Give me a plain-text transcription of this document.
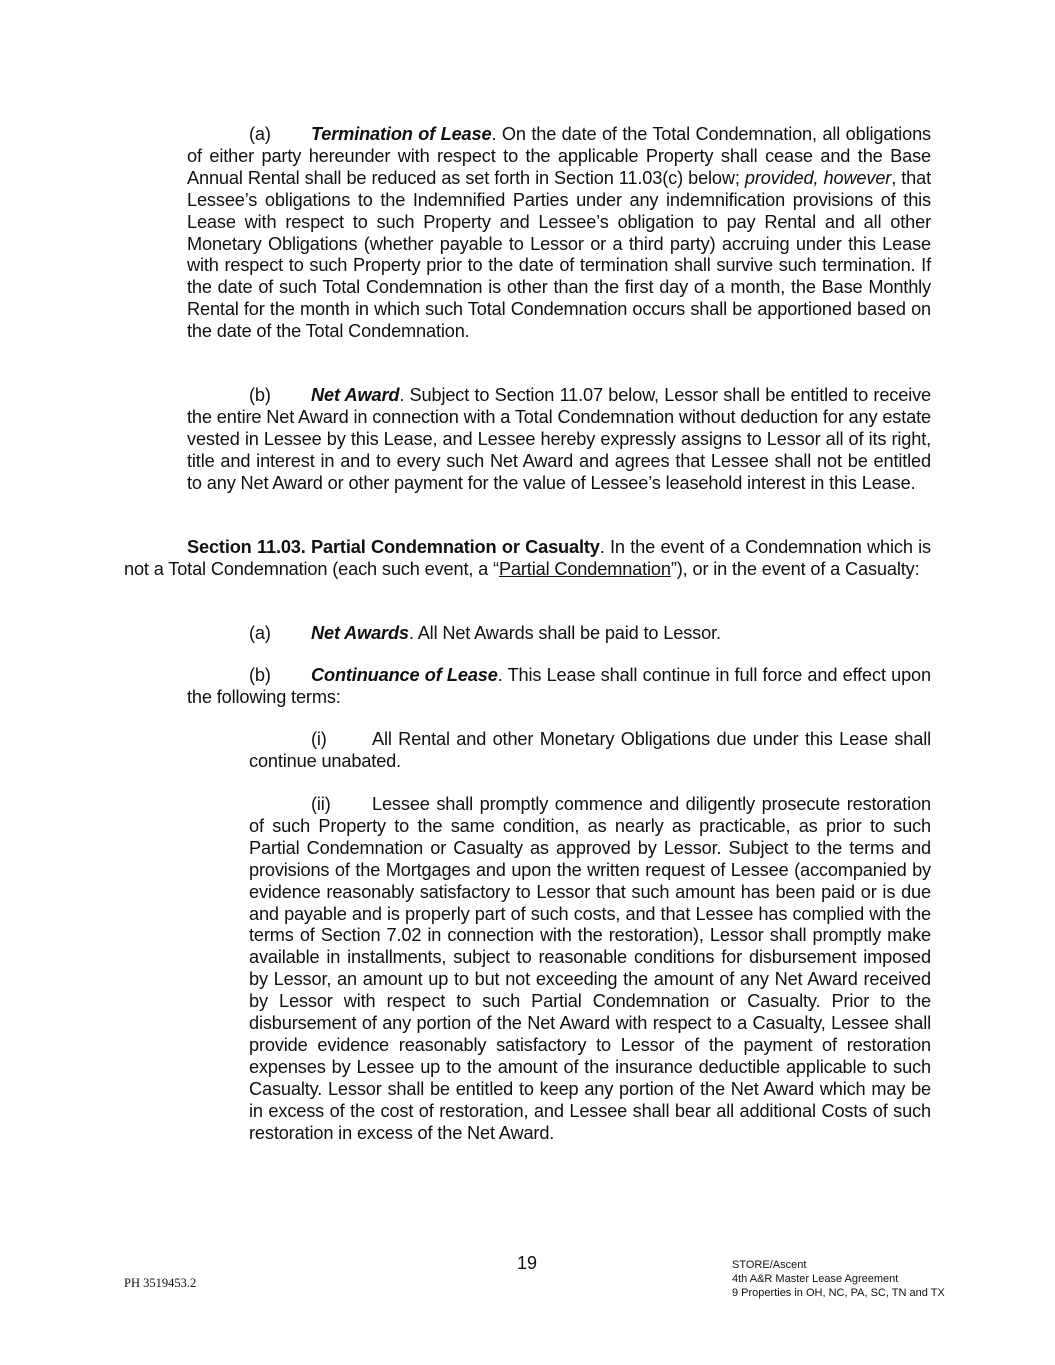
(a) Termination of Lease. On the date of the Total Condemnation, all obligations of either party hereunder with respect to the applicable Property shall cease and the Base Annual Rental shall be reduced as set forth in Section 11.03(c) below; provided, however, that Lessee’s obligations to the Indemnified Parties under any indemnification provisions of this Lease with respect to such Property and Lessee’s obligation to pay Rental and all other Monetary Obligations (whether payable to Lessor or a third party) accruing under this Lease with respect to such Property prior to the date of termination shall survive such termination. If the date of such Total Condemnation is other than the first day of a month, the Base Monthly Rental for the month in which such Total Condemnation occurs shall be apportioned based on the date of the Total Condemnation.
(b) Net Award. Subject to Section 11.07 below, Lessor shall be entitled to receive the entire Net Award in connection with a Total Condemnation without deduction for any estate vested in Lessee by this Lease, and Lessee hereby expressly assigns to Lessor all of its right, title and interest in and to every such Net Award and agrees that Lessee shall not be entitled to any Net Award or other payment for the value of Lessee’s leasehold interest in this Lease.
Section 11.03. Partial Condemnation or Casualty. In the event of a Condemnation which is not a Total Condemnation (each such event, a “Partial Condemnation”), or in the event of a Casualty:
(a) Net Awards. All Net Awards shall be paid to Lessor.
(b) Continuance of Lease. This Lease shall continue in full force and effect upon the following terms:
(i) All Rental and other Monetary Obligations due under this Lease shall continue unabated.
(ii) Lessee shall promptly commence and diligently prosecute restoration of such Property to the same condition, as nearly as practicable, as prior to such Partial Condemnation or Casualty as approved by Lessor. Subject to the terms and provisions of the Mortgages and upon the written request of Lessee (accompanied by evidence reasonably satisfactory to Lessor that such amount has been paid or is due and payable and is properly part of such costs, and that Lessee has complied with the terms of Section 7.02 in connection with the restoration), Lessor shall promptly make available in installments, subject to reasonable conditions for disbursement imposed by Lessor, an amount up to but not exceeding the amount of any Net Award received by Lessor with respect to such Partial Condemnation or Casualty. Prior to the disbursement of any portion of the Net Award with respect to a Casualty, Lessee shall provide evidence reasonably satisfactory to Lessor of the payment of restoration expenses by Lessee up to the amount of the insurance deductible applicable to such Casualty. Lessor shall be entitled to keep any portion of the Net Award which may be in excess of the cost of restoration, and Lessee shall bear all additional Costs of such restoration in excess of the Net Award.
PH 3519453.2
19	STORE/Ascent
4th A&R Master Lease Agreement
9 Properties in OH, NC, PA, SC, TN and TX
